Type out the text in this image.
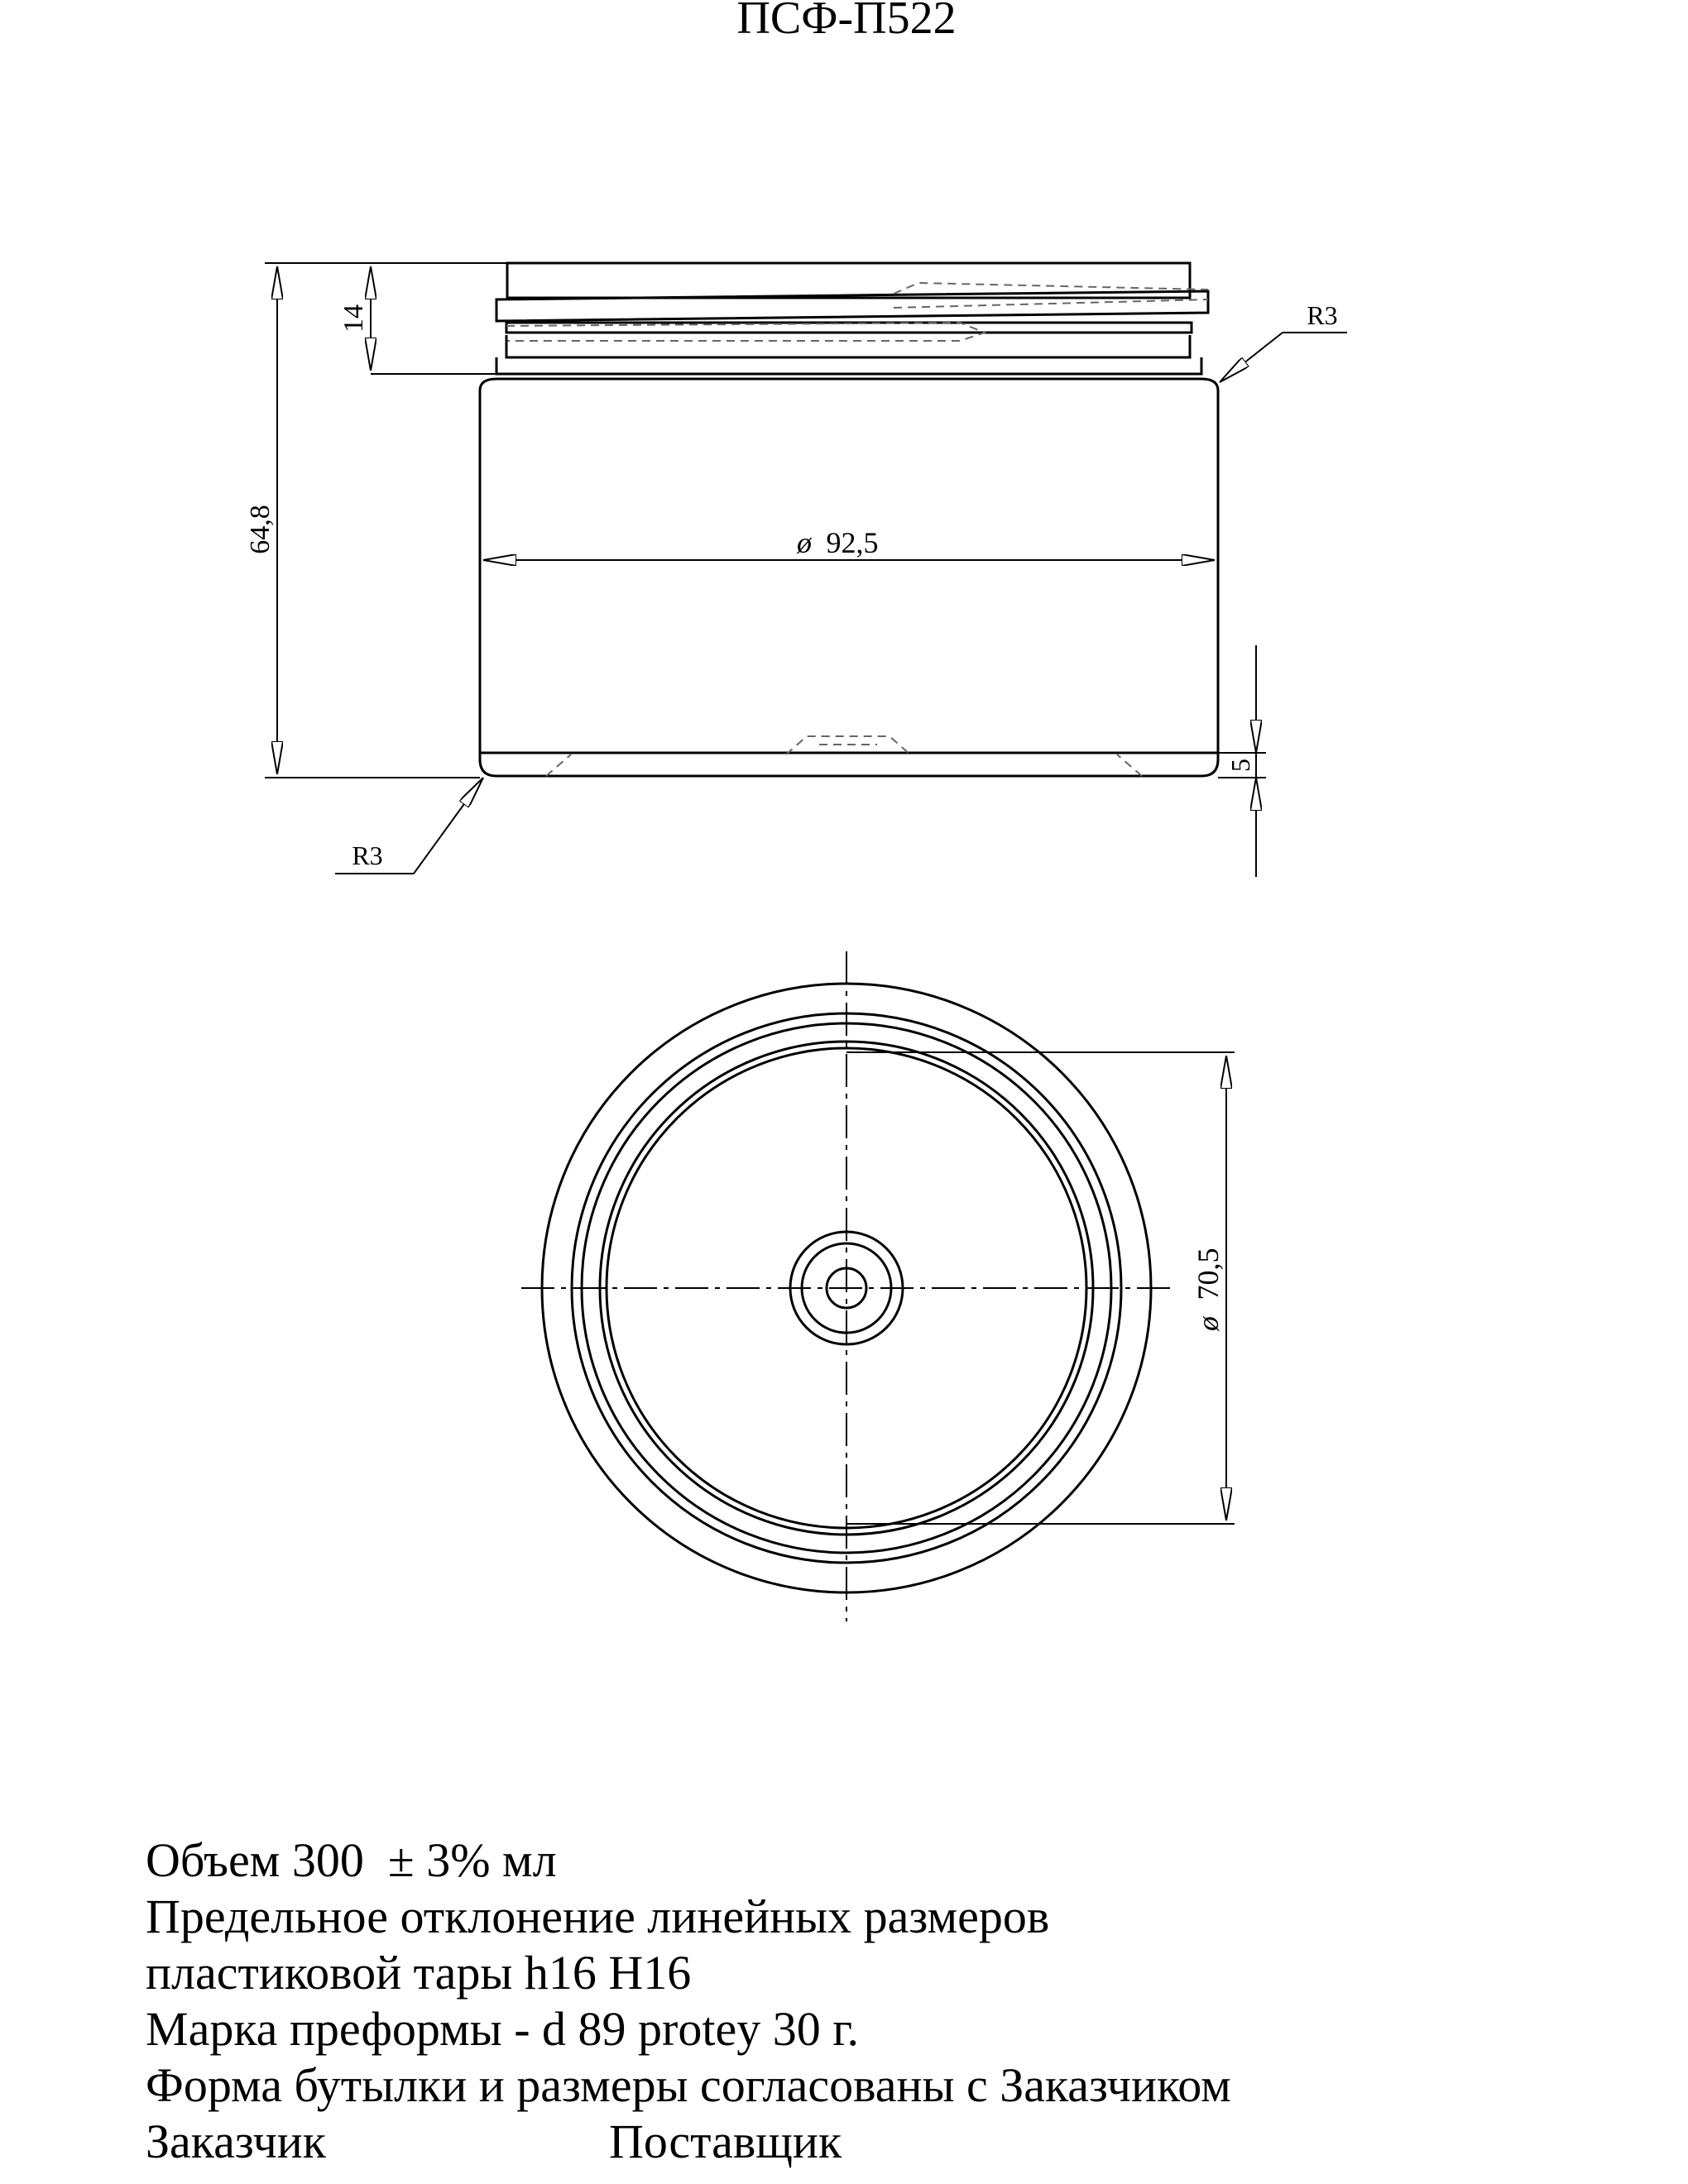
ПСФ-П522
14
64,8	ø 92,5
5
R3
R3
ø
70,5
Объем 300 ± 3% мл
Предельное отклонение линейных размеров
пластиковой тары h16 H16
Марка преформы - d 89 protey 30 г.
Форма бутылки и размеры согласованы с Заказчиком
Заказчик	Поставщик
